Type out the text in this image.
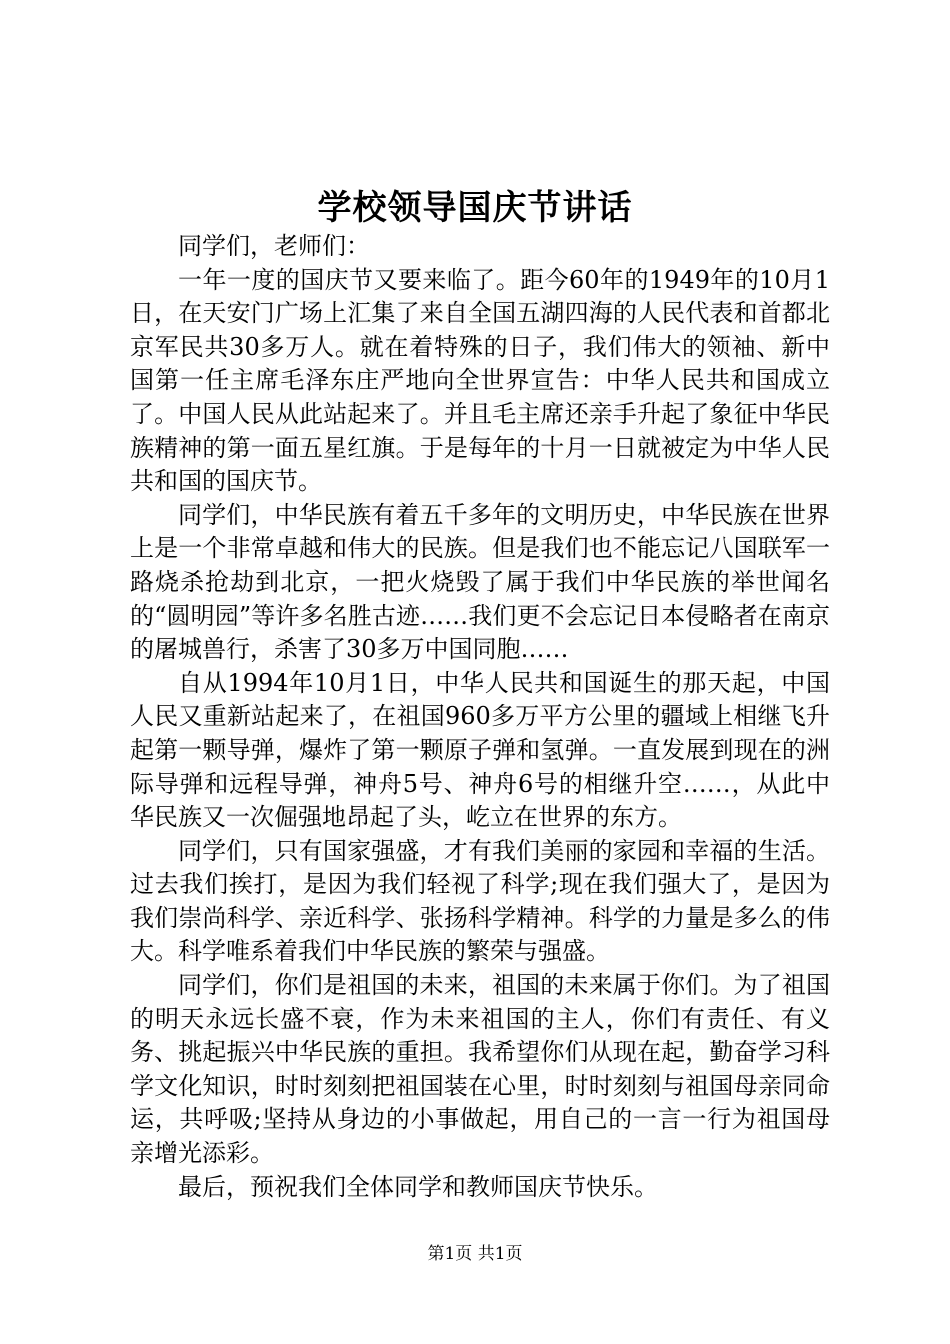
学校领导国庆节讲话

同学们，老师们：

一年一度的国庆节又要来临了。距今60年的1949年的10月1日，在天安门广场上汇集了来自全国五湖四海的人民代表和首都北京军民共30多万人。就在着特殊的日子，我们伟大的领袖、新中国第一任主席毛泽东庄严地向全世界宣告：中华人民共和国成立了。中国人民从此站起来了。并且毛主席还亲手升起了象征中华民族精神的第一面五星红旗。于是每年的十月一日就被定为中华人民共和国的国庆节。

同学们，中华民族有着五千多年的文明历史，中华民族在世界上是一个非常卓越和伟大的民族。但是我们也不能忘记八国联军一路烧杀抢劫到北京，一把火烧毁了属于我们中华民族的举世闻名的“圆明园”等许多名胜古迹……我们更不会忘记日本侵略者在南京的屠城兽行，杀害了30多万中国同胞……

自从1994年10月1日，中华人民共和国诞生的那天起，中国人民又重新站起来了，在祖国960多万平方公里的疆域上相继飞升起第一颗导弹，爆炸了第一颗原子弹和氢弹。一直发展到现在的洲际导弹和远程导弹，神舟5号、神舟6号的相继升空……，从此中华民族又一次倔强地昂起了头，屹立在世界的东方。

同学们，只有国家强盛，才有我们美丽的家园和幸福的生活。过去我们挨打，是因为我们轻视了科学;现在我们强大了，是因为我们崇尚科学、亲近科学、张扬科学精神。科学的力量是多么的伟大。科学唯系着我们中华民族的繁荣与强盛。

同学们，你们是祖国的未来，祖国的未来属于你们。为了祖国的明天永远长盛不衰，作为未来祖国的主人，你们有责任、有义务、挑起振兴中华民族的重担。我希望你们从现在起，勤奋学习科学文化知识，时时刻刻把祖国装在心里，时时刻刻与祖国母亲同命运，共呼吸;坚持从身边的小事做起，用自己的一言一行为祖国母亲增光添彩。

最后，预祝我们全体同学和教师国庆节快乐。

第1页 共1页
